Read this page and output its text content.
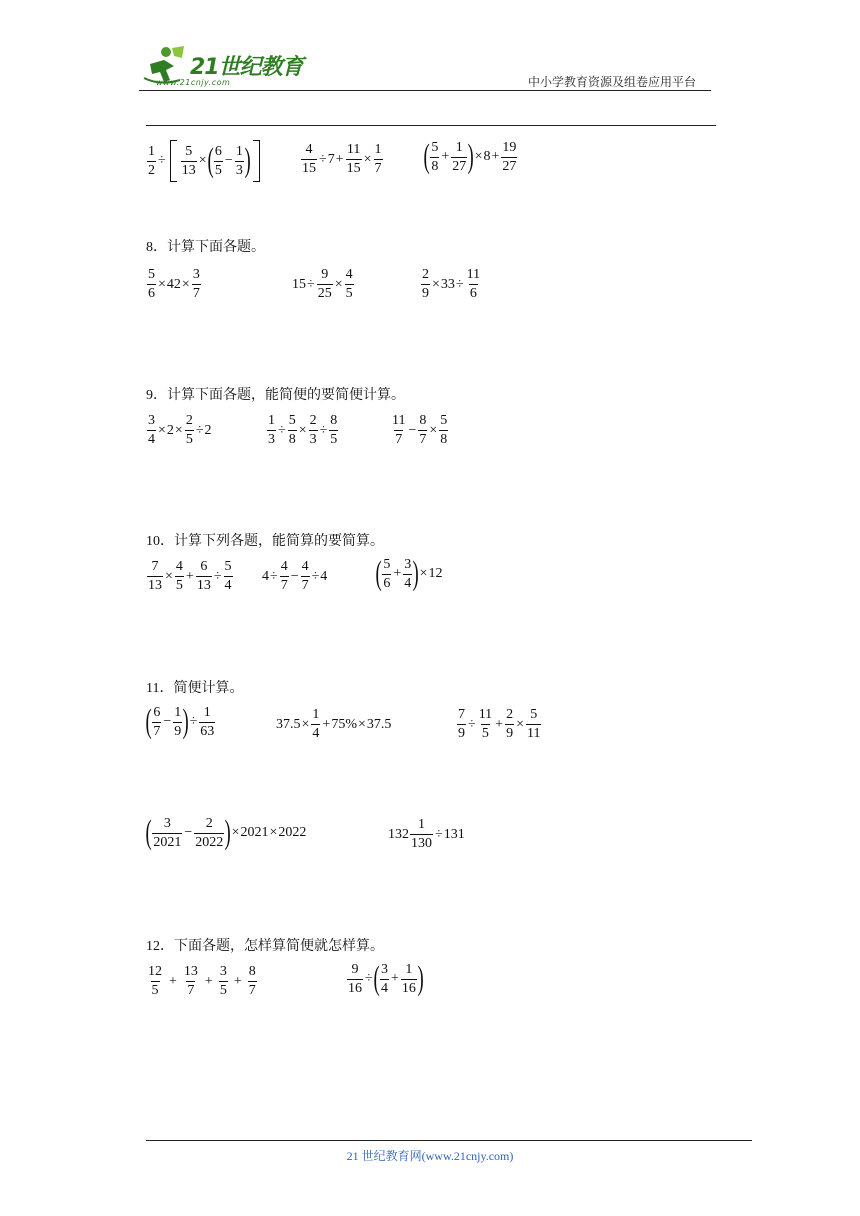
21世纪教育
www.21cnjy.com	中小学教育资源及组卷应用平台
$\frac{1}{2} \div \frac{5}{13}$ × ( $\frac{6}{5} - \frac{1}{3}$ )	$\frac{4}{15} \div 7 + \frac{11}{15} \times \frac{1}{7}$ ( $\frac{5}{8} + \frac{1}{27}$ ) × $8 + \frac{19}{27}$
8．计算下面各题。
$\frac{5}{6} \times 42 \times \frac{3}{7}$	$15 \div \frac{9}{25} \times \frac{4}{5}$	$\frac{2}{9} \times 33 \div \frac{11}{6}$
9．计算下面各题，能简便的要简便计算。
$\frac{3}{4} \times 2 \times \frac{2}{5} \div 2$	$\frac{1}{3} \div \frac{5}{8} \times \frac{2}{3} \div \frac{8}{5}$	$\frac{11}{7} - \frac{8}{7} \times \frac{5}{8}$
10．计算下列各题，能简算的要简算。
$\frac{7}{13} \times \frac{4}{5} + \frac{6}{13} \div \frac{5}{4} 4 \div \frac{4}{7} - \frac{4}{7} \div 4$ ( $\frac{5}{6} + \frac{3}{4}$ ) × 12
11．简便计算。
( $\frac{6}{7} - \frac{1}{9}$ ) ÷ $\frac{1}{63}$	$37.5 \times \frac{1}{4} + 75\% \times 37.5$	$\frac{7}{9} \div \frac{11}{5} + \frac{2}{9} \times \frac{5}{11}$
( $\frac{3}{2021} - \frac{2}{2022}$ ) × 2021 × 2022	$132 \frac{1}{130} \div 131$
12．下面各题，怎样算简便就怎样算。
$\frac{12}{5} + \frac{13}{7} + \frac{3}{5} + \frac{8}{7}$	$\frac{9}{16}$ ÷ ( $\frac{3}{4} + \frac{1}{16}$ )
21 世纪教育网(www.21cnjy.com)
